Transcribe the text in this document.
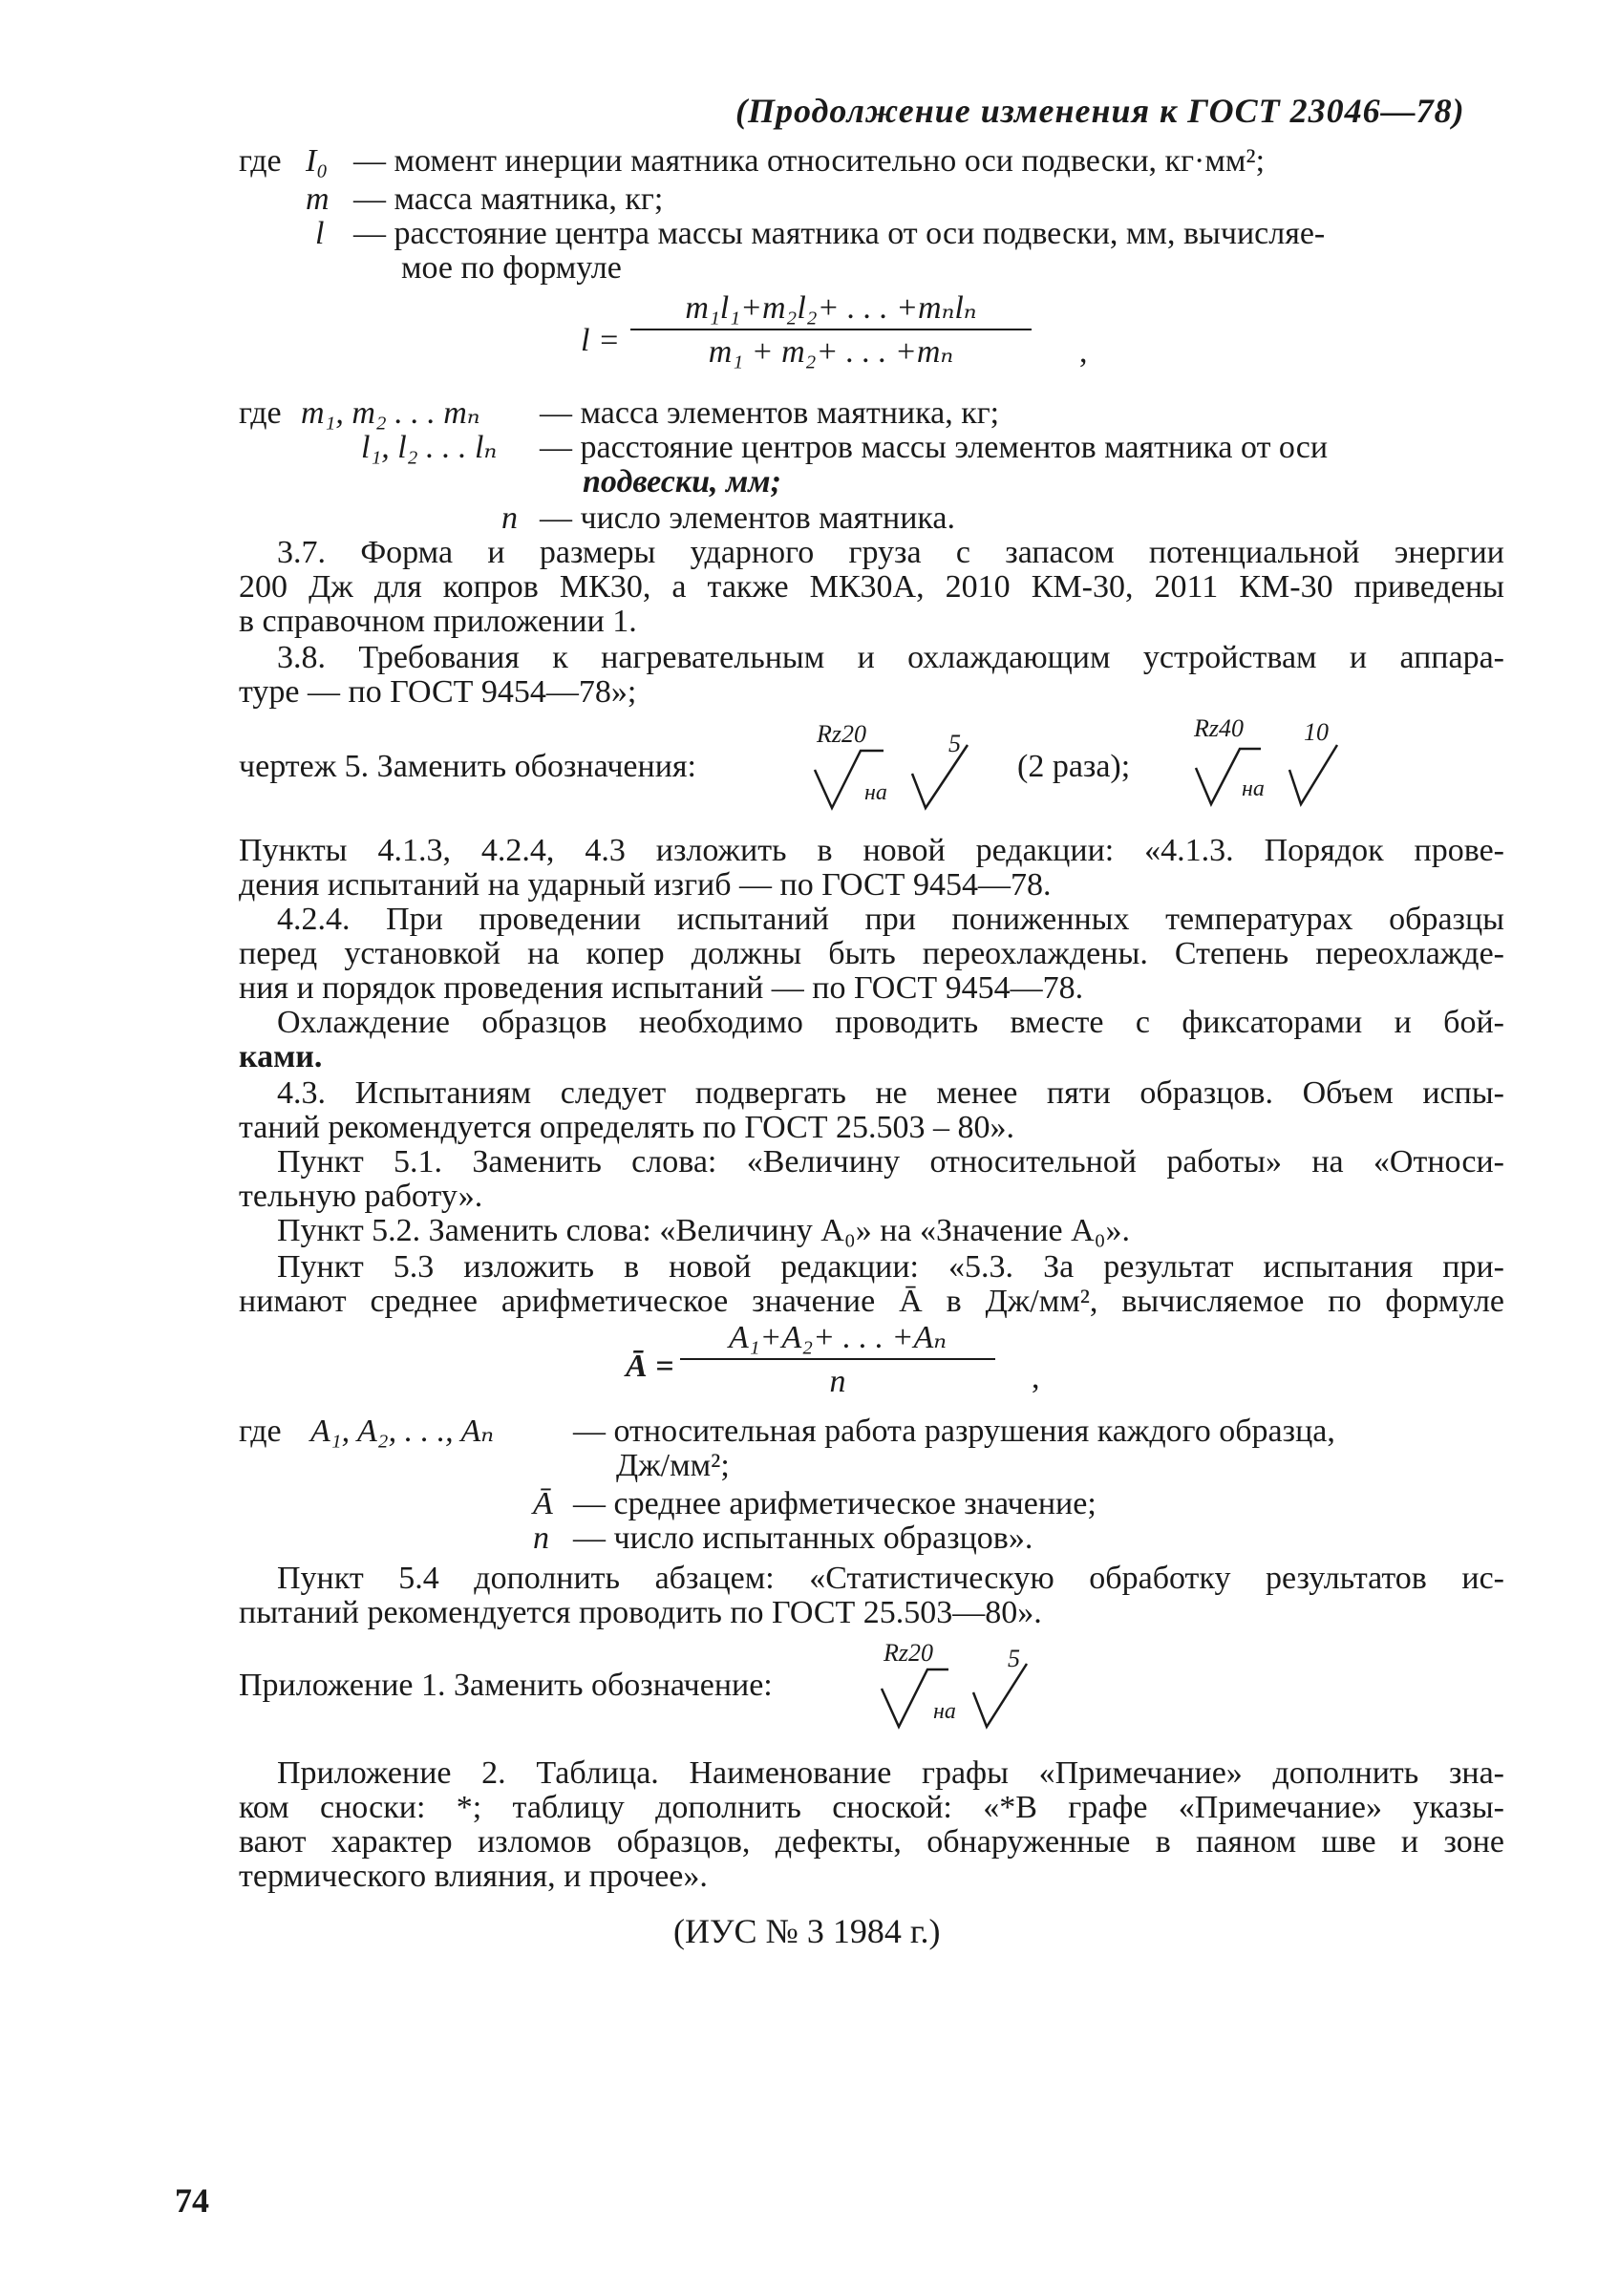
(Продолжение изменения к ГОСТ 23046—78)
где I₀ — момент инерции маятника относительно оси подвески, кг·мм²;
m — масса маятника, кг;
l — расстояние центра массы маятника от оси подвески, мм, вычисляе-
мое по формуле
l =
m₁l₁+m₂l₂+ . . . +mₙlₙ
m₁ + m₂+ . . . +mₙ	,
где m₁, m₂ . . . mₙ — масса элементов маятника, кг;
l₁, l₂ . . . lₙ — расстояние центров массы элементов маятника от оси
подвески, мм;
n — число элементов маятника.
3.7. Форма и размеры ударного груза с запасом потенциальной энергии
200 Дж для копров МК30, а также МК30А, 2010 КМ-30, 2011 КМ-30 приведены
в справочном приложении 1.
3.8. Требования к нагревательным и охлаждающим устройствам и аппара-
туре — по ГОСТ 9454—78»;
чертеж 5. Заменить обозначения:
Rz20	5
на
(2 раза);
Rz40 10
на
Пункты 4.1.3, 4.2.4, 4.3 изложить в новой редакции: «4.1.3. Порядок прове-
дения испытаний на ударный изгиб — по ГОСТ 9454—78.
4.2.4. При проведении испытаний при пониженных температурах образцы
перед установкой на копер должны быть переохлаждены. Степень переохлажде-
ния и порядок проведения испытаний — по ГОСТ 9454—78.
Охлаждение образцов необходимо проводить вместе с фиксаторами и бой-
ками.
4.3. Испытаниям следует подвергать не менее пяти образцов. Объем испы-
таний рекомендуется определять по ГОСТ 25.503 – 80».
Пункт 5.1. Заменить слова: «Величину относительной работы» на «Относи-
тельную работу».
Пункт 5.2. Заменить слова: «Величину A₀» на «Значение A₀».
Пункт 5.3 изложить в новой редакции: «5.3. За результат испытания при-
нимают среднее арифметическое значение Ā в Дж/мм², вычисляемое по формуле
Ā = $\frac{\text{A₁+A₂+ . . . +Aₙ}}{n}$ ,
где A₁, A₂, . . ., Aₙ — относительная работа разрушения каждого образца,
Дж/мм²;
Ā — среднее арифметическое значение;
n — число испытанных образцов».
Пункт 5.4 дополнить абзацем: «Статистическую обработку результатов ис-
пытаний рекомендуется проводить по ГОСТ 25.503—80».
Приложение 1. Заменить обозначение:
Rz20	5
на
Приложение 2. Таблица. Наименование графы «Примечание» дополнить зна-
ком сноски: *; таблицу дополнить сноской: «*В графе «Примечание» указы-
вают характер изломов образцов, дефекты, обнаруженные в паяном шве и зоне
термического влияния, и прочее».
(ИУС № 3 1984 г.)
74
